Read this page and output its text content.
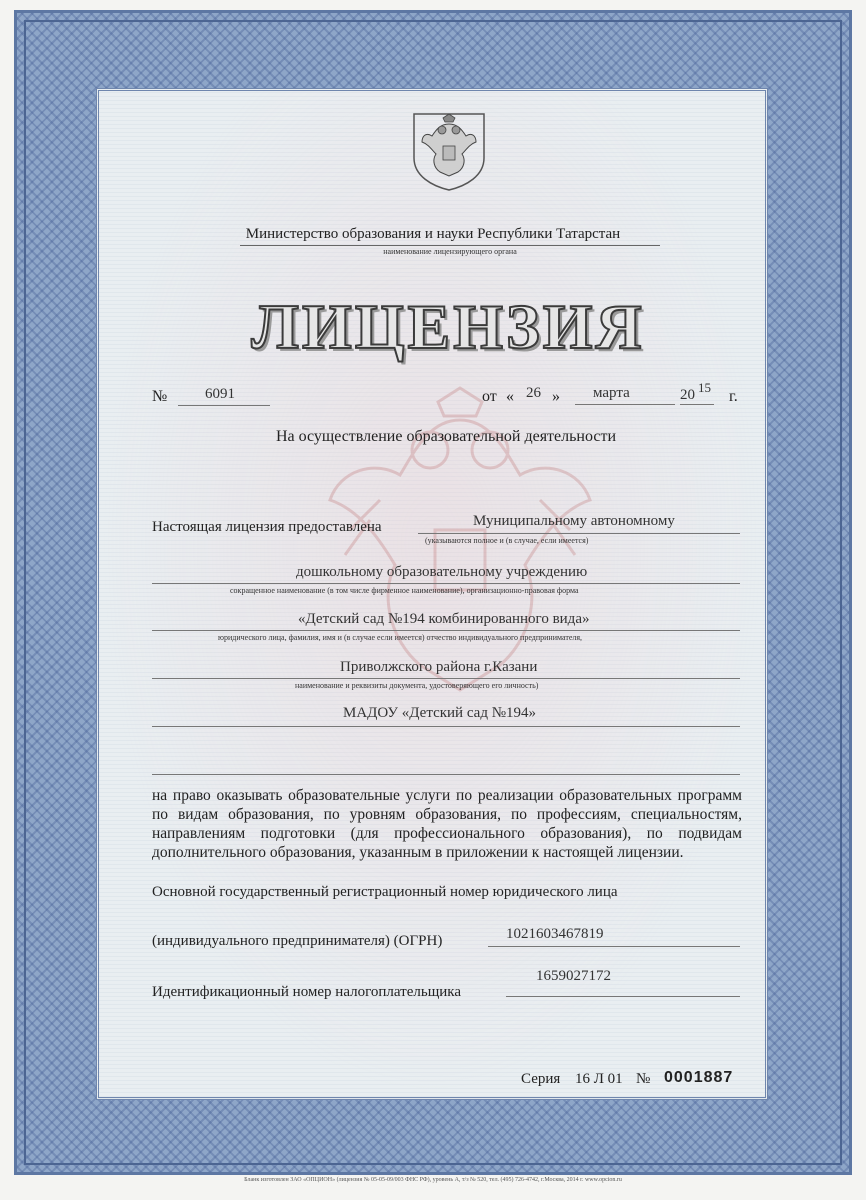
Министерство образования и науки Республики Татарстан
наименование лицензирующего органа
ЛИЦЕНЗИЯ
№	6091	от « 26 » марта	20 15
г.
На осуществление образовательной деятельности
Настоящая лицензия предоставлена	Муниципальному автономному
(указываются полное и (в случае, если имеется)
дошкольному образовательному учреждению
сокращенное наименование (в том числе фирменное наименование), организационно-правовая форма
«Детский сад №194 комбинированного вида»
юридического лица, фамилия, имя и (в случае если имеется) отчество индивидуального предпринимателя,
Приволжского района г.Казани
наименование и реквизиты документа, удостоверяющего его личность)
МАДОУ «Детский сад №194»
на право оказывать образовательные услуги по реализации образовательных программ по видам образования, по уровням образования, по профессиям, специальностям, направлениям подготовки (для профессионального образования), по подвидам дополнительного образования, указанным в приложении к настоящей лицензии.
Основной государственный регистрационный номер юридического лица
(индивидуального предпринимателя) (ОГРН)	1021603467819
Идентификационный номер налогоплательщика
1659027172
Серия 16 Л 01 № 0001887
Бланк изготовлен ЗАО «ОПЦИОН» (лицензия № 05-05-09/003 ФНС РФ), уровень А, т/з № 520, тел. (495) 726-4742, г.Москва, 2014 г. www.opcion.ru
